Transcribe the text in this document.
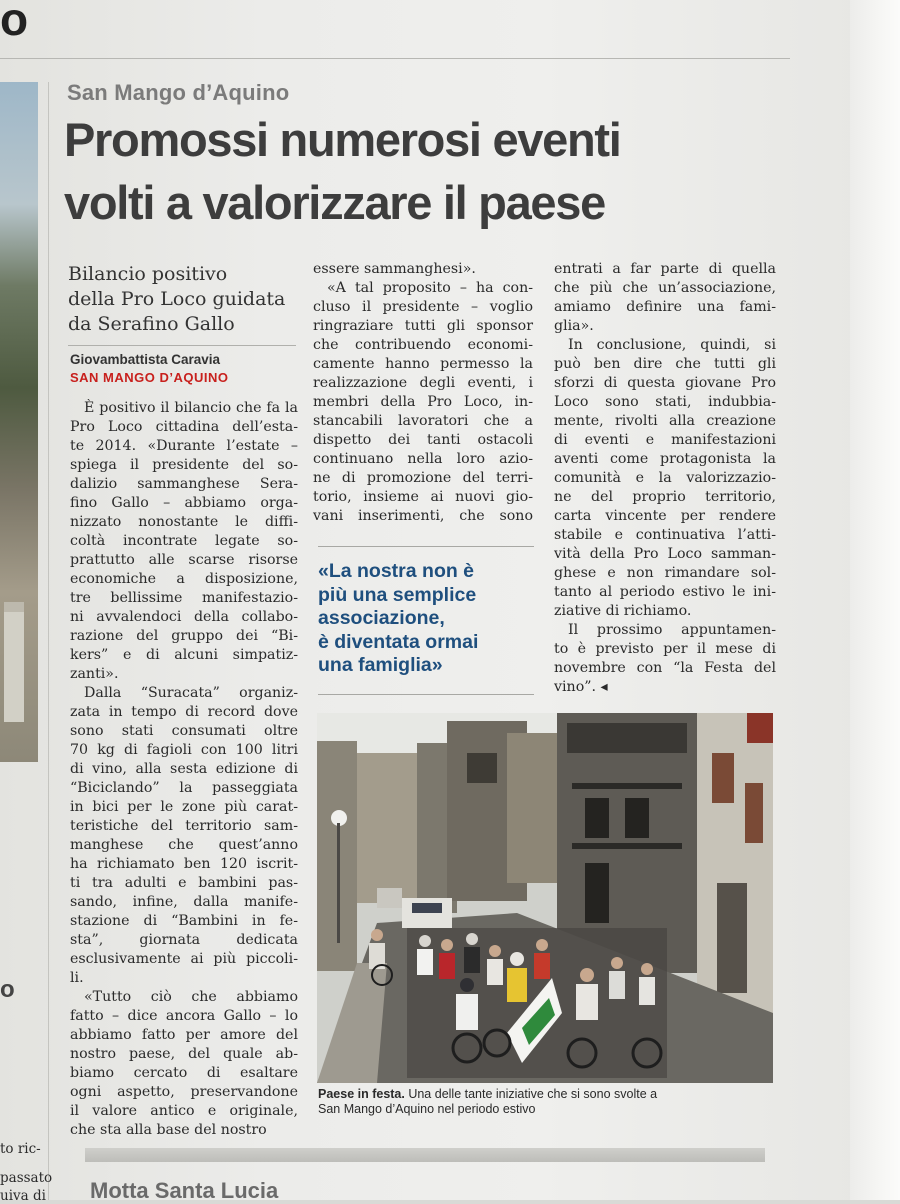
o
o
to ric-
passato
uiva di
San Mango d’Aquino
Promossi numerosi eventi
volti a valorizzare il paese
Bilancio positivo
della Pro Loco guidata
da Serafino Gallo
Giovambattista Caravia
SAN MANGO D’AQUINO
È positivo il bilancio che fa la
Pro Loco cittadina dell’esta-
te 2014. «Durante l’estate –
spiega il presidente del so-
dalizio sammanghese Sera-
fino Gallo – abbiamo orga-
nizzato nonostante le diffi-
coltà incontrate legate so-
prattutto alle scarse risorse
economiche a disposizione,
tre bellissime manifestazio-
ni avvalendoci della collabo-
razione del gruppo dei “Bi-
kers” e di alcuni simpatiz-
zanti».
Dalla “Suracata” organiz-
zata in tempo di record dove
sono stati consumati oltre
70 kg di fagioli con 100 litri
di vino, alla sesta edizione di
“Biciclando” la passeggiata
in bici per le zone più carat-
teristiche del territorio sam-
manghese che quest’anno
ha richiamato ben 120 iscrit-
ti tra adulti e bambini pas-
sando, infine, dalla manife-
stazione di “Bambini in fe-
sta”, giornata dedicata
esclusivamente ai più piccoli-
li.
«Tutto ciò che abbiamo
fatto – dice ancora Gallo – lo
abbiamo fatto per amore del
nostro paese, del quale ab-
biamo cercato di esaltare
ogni aspetto, preservandone
il valore antico e originale,
che sta alla base del nostro
essere sammanghesi».
«A tal proposito – ha con-
cluso il presidente – voglio
ringraziare tutti gli sponsor
che contribuendo economi-
camente hanno permesso la
realizzazione degli eventi, i
membri della Pro Loco, in-
stancabili lavoratori che a
dispetto dei tanti ostacoli
continuano nella loro azio-
ne di promozione del terri-
torio, insieme ai nuovi gio-
vani inserimenti, che sono
entrati a far parte di quella
che più che un’associazione,
amiamo definire una fami-
glia».
In conclusione, quindi, si
può ben dire che tutti gli
sforzi di questa giovane Pro
Loco sono stati, indubbia-
mente, rivolti alla creazione
di eventi e manifestazioni
aventi come protagonista la
comunità e la valorizzazio-
ne del proprio territorio,
carta vincente per rendere
stabile e continuativa l’atti-
vità della Pro Loco samman-
ghese e non rimandare sol-
tanto al periodo estivo le ini-
ziative di richiamo.
Il prossimo appuntamen-
to è previsto per il mese di
novembre con “la Festa del
vino”. ◂
«La nostra non è
più una semplice
associazione,
è diventata ormai
una famiglia»
Paese in festa. Una delle tante iniziative che si sono svolte a
San Mango d’Aquino nel periodo estivo
Motta Santa Lucia
